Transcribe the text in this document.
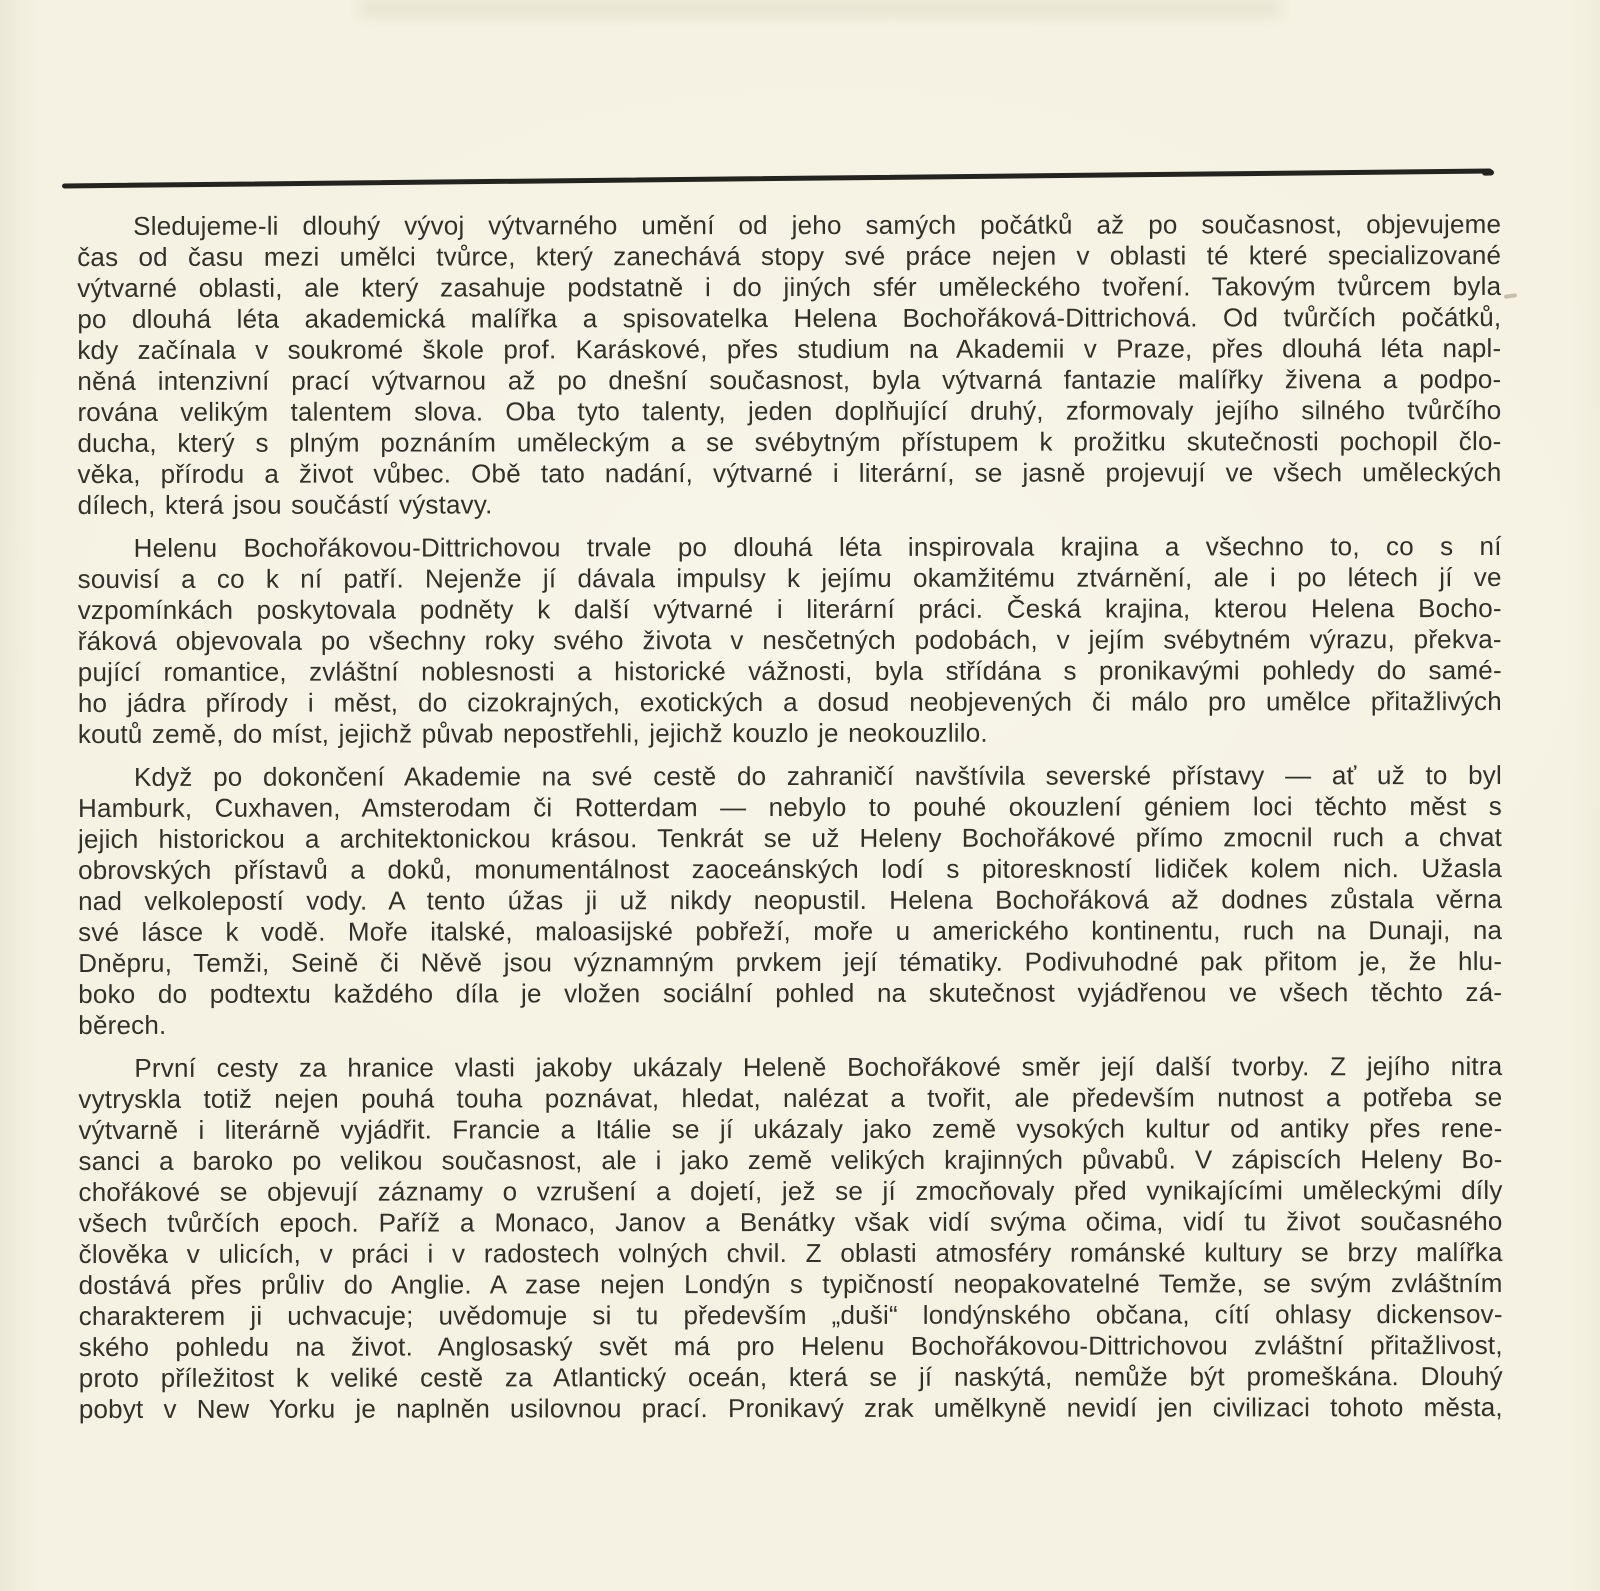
Sledujeme-li dlouhý vývoj výtvarného umění od jeho samých počátků až po současnost, objevujeme
čas od času mezi umělci tvůrce, který zanechává stopy své práce nejen v oblasti té které specializované
výtvarné oblasti, ale který zasahuje podstatně i do jiných sfér uměleckého tvoření. Takovým tvůrcem byla
po dlouhá léta akademická malířka a spisovatelka Helena Bochořáková-Dittrichová. Od tvůrčích počátků,
kdy začínala v soukromé škole prof. Karáskové, přes studium na Akademii v Praze, přes dlouhá léta napl-
něná intenzivní prací výtvarnou až po dnešní současnost, byla výtvarná fantazie malířky živena a podpo-
rována velikým talentem slova. Oba tyto talenty, jeden doplňující druhý, zformovaly jejího silného tvůrčího
ducha, který s plným poznáním uměleckým a se svébytným přístupem k prožitku skutečnosti pochopil člo-
věka, přírodu a život vůbec. Obě tato nadání, výtvarné i literární, se jasně projevují ve všech uměleckých
dílech, která jsou součástí výstavy.
Helenu Bochořákovou-Dittrichovou trvale po dlouhá léta inspirovala krajina a všechno to, co s ní
souvisí a co k ní patří. Nejenže jí dávala impulsy k jejímu okamžitému ztvárnění, ale i po létech jí ve
vzpomínkách poskytovala podněty k další výtvarné i literární práci. Česká krajina, kterou Helena Bocho-
řáková objevovala po všechny roky svého života v nesčetných podobách, v jejím svébytném výrazu, překva-
pující romantice, zvláštní noblesnosti a historické vážnosti, byla střídána s pronikavými pohledy do samé-
ho jádra přírody i měst, do cizokrajných, exotických a dosud neobjevených či málo pro umělce přitažlivých
koutů země, do míst, jejichž půvab nepostřehli, jejichž kouzlo je neokouzlilo.
Když po dokončení Akademie na své cestě do zahraničí navštívila severské přístavy — ať už to byl
Hamburk, Cuxhaven, Amsterodam či Rotterdam — nebylo to pouhé okouzlení géniem loci těchto měst s
jejich historickou a architektonickou krásou. Tenkrát se už Heleny Bochořákové přímo zmocnil ruch a chvat
obrovských přístavů a doků, monumentálnost zaoceánských lodí s pitoreskností lidiček kolem nich. Užasla
nad velkolepostí vody. A tento úžas ji už nikdy neopustil. Helena Bochořáková až dodnes zůstala věrna
své lásce k vodě. Moře italské, maloasijské pobřeží, moře u amerického kontinentu, ruch na Dunaji, na
Dněpru, Temži, Seině či Něvě jsou významným prvkem její tématiky. Podivuhodné pak přitom je, že hlu-
boko do podtextu každého díla je vložen sociální pohled na skutečnost vyjádřenou ve všech těchto zá-
běrech.
První cesty za hranice vlasti jakoby ukázaly Heleně Bochořákové směr její další tvorby. Z jejího nitra
vytryskla totiž nejen pouhá touha poznávat, hledat, nalézat a tvořit, ale především nutnost a potřeba se
výtvarně i literárně vyjádřit. Francie a Itálie se jí ukázaly jako země vysokých kultur od antiky přes rene-
sanci a baroko po velikou současnost, ale i jako země velikých krajinných půvabů. V zápiscích Heleny Bo-
chořákové se objevují záznamy o vzrušení a dojetí, jež se jí zmocňovaly před vynikajícími uměleckými díly
všech tvůrčích epoch. Paříž a Monaco, Janov a Benátky však vidí svýma očima, vidí tu život současného
člověka v ulicích, v práci i v radostech volných chvil. Z oblasti atmosféry románské kultury se brzy malířka
dostává přes průliv do Anglie. A zase nejen Londýn s typičností neopakovatelné Temže, se svým zvláštním
charakterem ji uchvacuje; uvědomuje si tu především „duši“ londýnského občana, cítí ohlasy dickensov-
ského pohledu na život. Anglosaský svět má pro Helenu Bochořákovou-Dittrichovou zvláštní přitažlivost,
proto příležitost k veliké cestě za Atlantický oceán, která se jí naskýtá, nemůže být promeškána. Dlouhý
pobyt v New Yorku je naplněn usilovnou prací. Pronikavý zrak umělkyně nevidí jen civilizaci tohoto města,
